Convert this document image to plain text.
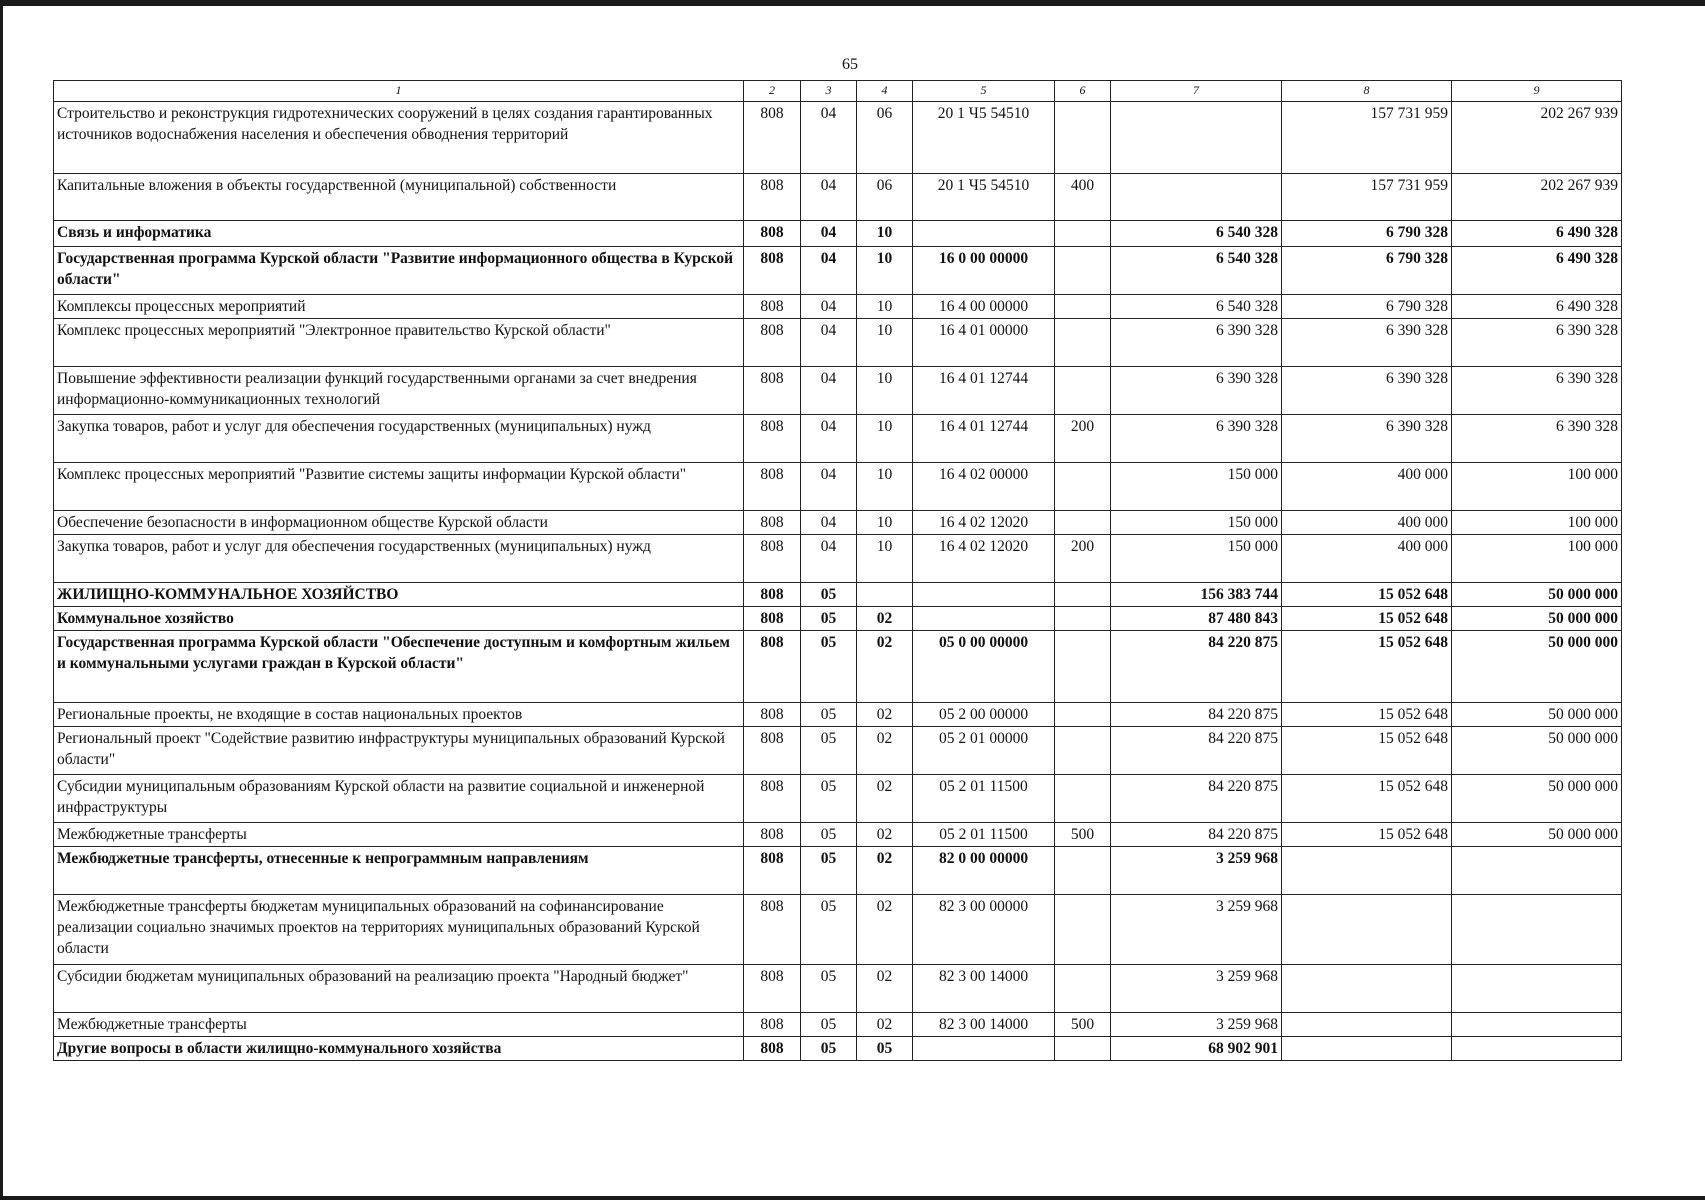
65
1	2	3	4	5	6	7	8	9
Строительство и реконструкция гидротехнических сооружений в целях создания гарантированных источников водоснабжения населения и обеспечения обводнения территорий	808	04	06	20 1 Ч5 54510			157 731 959	202 267 939
Капитальные вложения в объекты государственной (муниципальной) собственности	808	04	06	20 1 Ч5 54510	400		157 731 959	202 267 939
Связь и информатика	808	04	10			6 540 328	6 790 328	6 490 328
Государственная программа Курской области "Развитие информационного общества в Курской области"	808	04	10	16 0 00 00000		6 540 328	6 790 328	6 490 328
Комплексы процессных мероприятий	808	04	10	16 4 00 00000		6 540 328	6 790 328	6 490 328
Комплекс процессных мероприятий "Электронное правительство Курской области"	808	04	10	16 4 01 00000		6 390 328	6 390 328	6 390 328
Повышение эффективности реализации функций государственными органами за счет внедрения информационно-коммуникационных технологий	808	04	10	16 4 01 12744		6 390 328	6 390 328	6 390 328
Закупка товаров, работ и услуг для обеспечения государственных (муниципальных) нужд	808	04	10	16 4 01 12744	200	6 390 328	6 390 328	6 390 328
Комплекс процессных мероприятий "Развитие системы защиты информации Курской области"	808	04	10	16 4 02 00000		150 000	400 000	100 000
Обеспечение безопасности в информационном обществе Курской области	808	04	10	16 4 02 12020		150 000	400 000	100 000
Закупка товаров, работ и услуг для обеспечения государственных (муниципальных) нужд	808	04	10	16 4 02 12020	200	150 000	400 000	100 000
ЖИЛИЩНО-КОММУНАЛЬНОЕ ХОЗЯЙСТВО	808	05				156 383 744	15 052 648	50 000 000
Коммунальное хозяйство	808	05	02			87 480 843	15 052 648	50 000 000
Государственная программа Курской области "Обеспечение доступным и комфортным жильем и коммунальными услугами граждан в Курской области"	808	05	02	05 0 00 00000		84 220 875	15 052 648	50 000 000
Региональные проекты, не входящие в состав национальных проектов	808	05	02	05 2 00 00000		84 220 875	15 052 648	50 000 000
Региональный проект "Содействие развитию инфраструктуры муниципальных образований Курской области"	808	05	02	05 2 01 00000		84 220 875	15 052 648	50 000 000
Субсидии муниципальным образованиям Курской области на развитие социальной и инженерной инфраструктуры	808	05	02	05 2 01 11500		84 220 875	15 052 648	50 000 000
Межбюджетные трансферты	808	05	02	05 2 01 11500	500	84 220 875	15 052 648	50 000 000
Межбюджетные трансферты, отнесенные к непрограммным направлениям	808	05	02	82 0 00 00000		3 259 968		
Межбюджетные трансферты бюджетам муниципальных образований на софинансирование реализации социально значимых проектов на территориях муниципальных образований Курской области	808	05	02	82 3 00 00000		3 259 968		
Субсидии бюджетам муниципальных образований на реализацию проекта "Народный бюджет"	808	05	02	82 3 00 14000		3 259 968		
Межбюджетные трансферты	808	05	02	82 3 00 14000	500	3 259 968		
Другие вопросы в области жилищно-коммунального хозяйства	808	05	05			68 902 901		
